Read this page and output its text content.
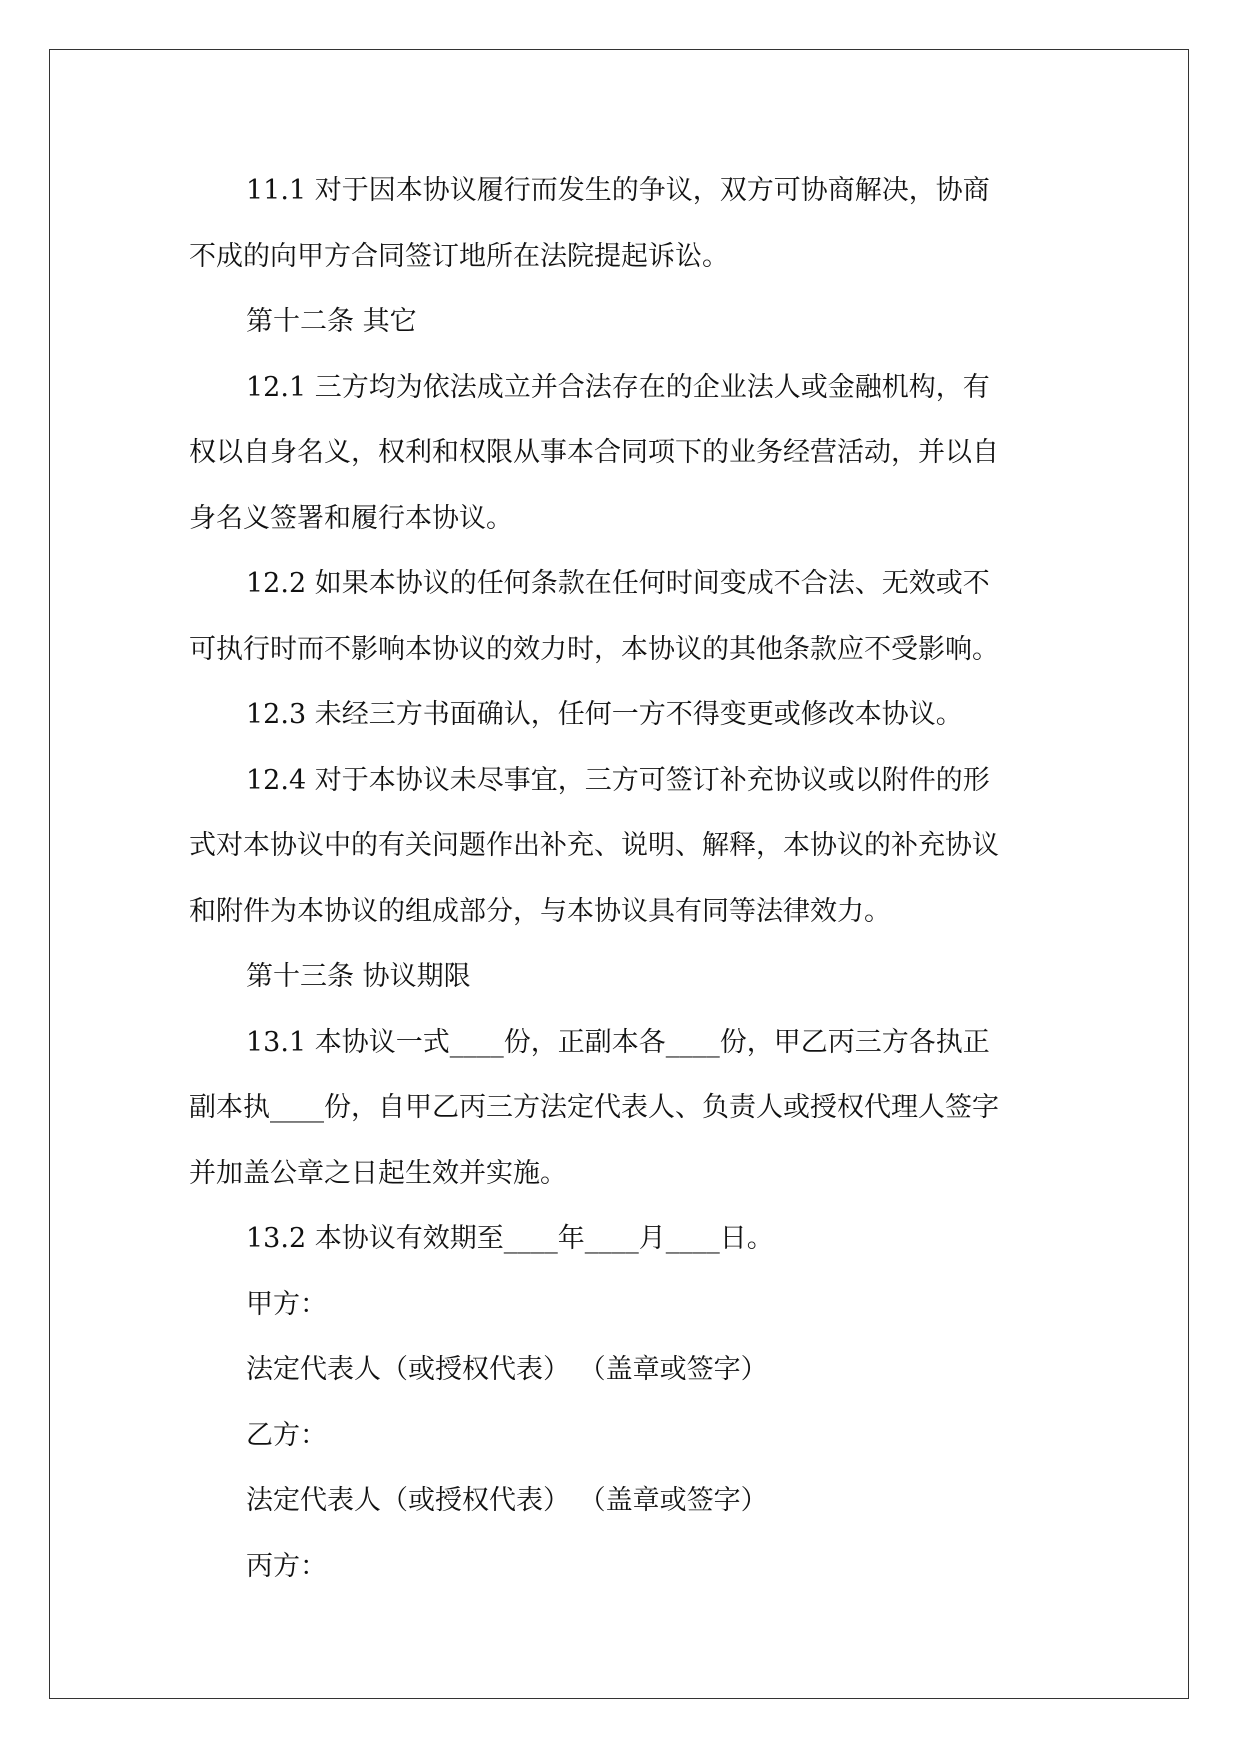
11.1 对于因本协议履行而发生的争议，双方可协商解决，协商

不成的向甲方合同签订地所在法院提起诉讼。

第十二条 其它

12.1 三方均为依法成立并合法存在的企业法人或金融机构，有

权以自身名义，权利和权限从事本合同项下的业务经营活动，并以自

身名义签署和履行本协议。

12.2 如果本协议的任何条款在任何时间变成不合法、无效或不

可执行时而不影响本协议的效力时，本协议的其他条款应不受影响。

12.3 未经三方书面确认，任何一方不得变更或修改本协议。

12.4 对于本协议未尽事宜，三方可签订补充协议或以附件的形

式对本协议中的有关问题作出补充、说明、解释，本协议的补充协议

和附件为本协议的组成部分，与本协议具有同等法律效力。

第十三条 协议期限

13.1 本协议一式____份，正副本各____份，甲乙丙三方各执正

副本执____份，自甲乙丙三方法定代表人、负责人或授权代理人签字

并加盖公章之日起生效并实施。

13.2 本协议有效期至____年____月____日。

甲方：

法定代表人（或授权代表） （盖章或签字）

乙方：

法定代表人（或授权代表） （盖章或签字）

丙方：
